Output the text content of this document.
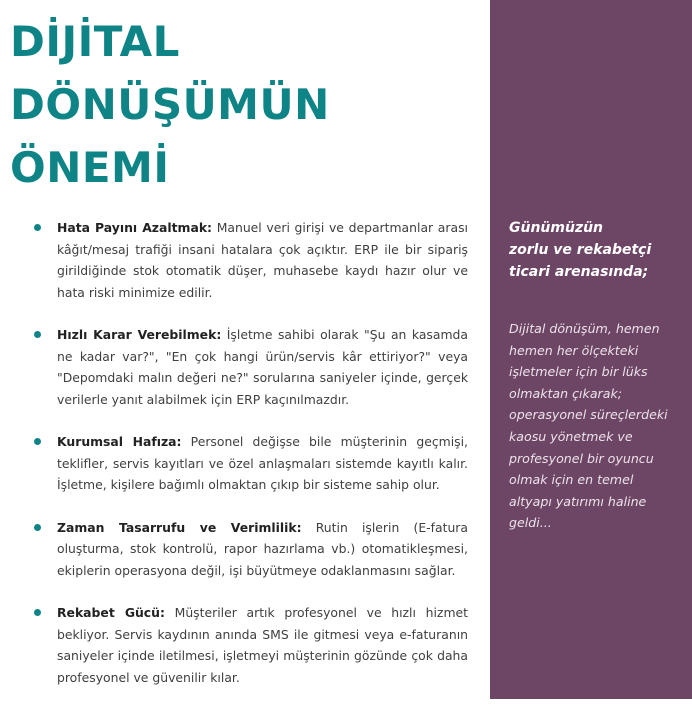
DİJİTAL
DÖNÜŞÜMÜN
ÖNEMİ
Hata Payını Azaltmak: Manuel veri girişi ve departmanlar arası kâğıt/mesaj trafiği insani hatalara çok açıktır. ERP ile bir sipariş girildiğinde stok otomatik düşer, muhasebe kaydı hazır olur ve hata riski minimize edilir.
Hızlı Karar Verebilmek: İşletme sahibi olarak "Şu an kasamda ne kadar var?", "En çok hangi ürün/servis kâr ettiriyor?" veya "Depomdaki malın değeri ne?" sorularına saniyeler içinde, gerçek verilerle yanıt alabilmek için ERP kaçınılmazdır.
Kurumsal Hafıza: Personel değişse bile müşterinin geçmişi, teklifler, servis kayıtları ve özel anlaşmaları sistemde kayıtlı kalır. İşletme, kişilere bağımlı olmaktan çıkıp bir sisteme sahip olur.
Zaman Tasarrufu ve Verimlilik: Rutin işlerin (E-fatura oluşturma, stok kontrolü, rapor hazırlama vb.) otomatikleşmesi, ekiplerin operasyona değil, işi büyütmeye odaklanmasını sağlar.
Rekabet Gücü: Müşteriler artık profesyonel ve hızlı hizmet bekliyor. Servis kaydının anında SMS ile gitmesi veya e-faturanın saniyeler içinde iletilmesi, işletmeyi müşterinin gözünde çok daha profesyonel ve güvenilir kılar.
Günümüzün
zorlu ve rekabetçi
ticari arenasında;

Dijital dönüşüm, hemen
hemen her ölçekteki
işletmeler için bir lüks
olmaktan çıkarak;
operasyonel süreçlerdeki
kaosu yönetmek ve
profesyonel bir oyuncu
olmak için en temel
altyapı yatırımı haline
geldi...
